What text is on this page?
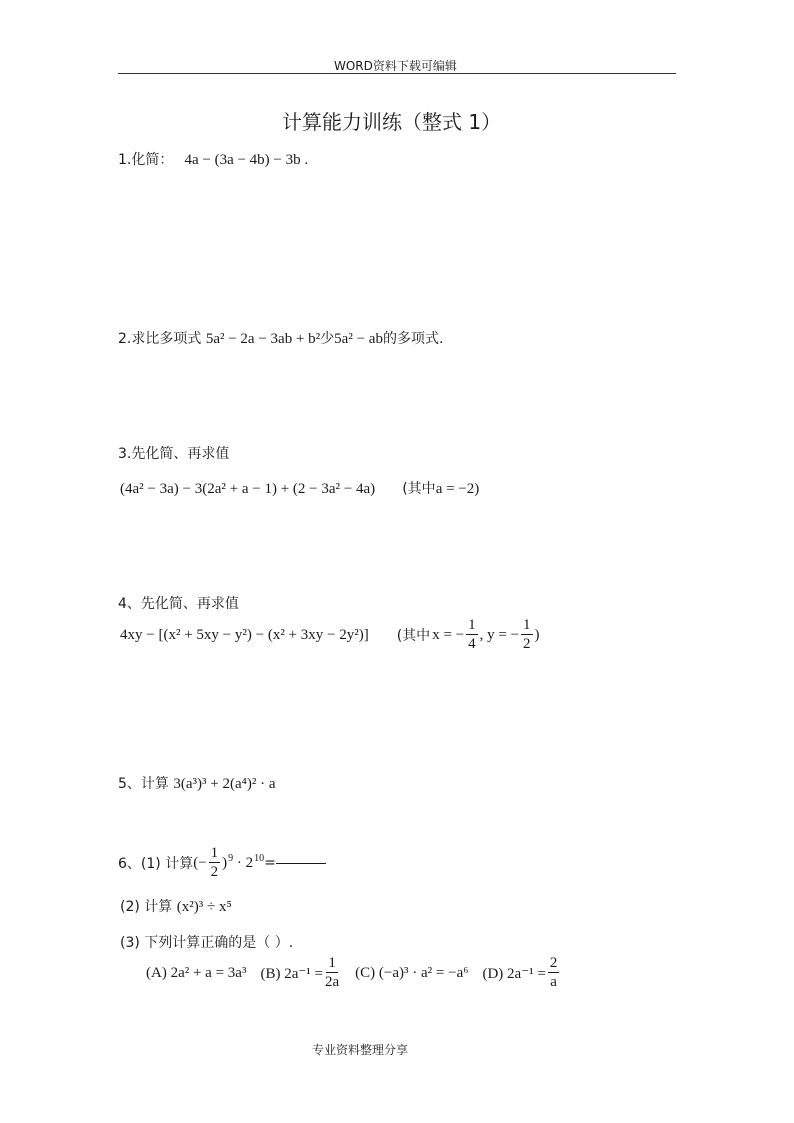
WORD资料下载可编辑
计算能力训练（整式 1）
1.化简： 4a − (3a − 4b) − 3b .
2.求比多项式 5a² − 2a − 3ab + b²少5a² − ab的多项式.
3.先化简、再求值
(4a² − 3a) − 3(2a² + a − 1) + (2 − 3a² − 4a) (其中a = −2)
4、先化简、再求值
4xy − [(x² + 5xy − y²) − (x² + 3xy − 2y²)] (其中 x = − $\frac{1}{4}$ , y = − $\frac{1}{2}$ )
5、计算 3(a³)³ + 2(a⁴)² · a
6、(1) 计算 (− $\frac{1}{2} )^9 \cdot 2^{10}$ =
(2) 计算 (x²)³ ÷ x⁵
(3) 下列计算正确的是（ ）.
(A) 2a² + a = 3a³ (B) $2a^{-1} = \frac{1}{2a} (C) (-a)^3 \cdot a^2 = -a^6$ (D) $2a^{-1} = \frac{2}{a}$
专业资料整理分享
